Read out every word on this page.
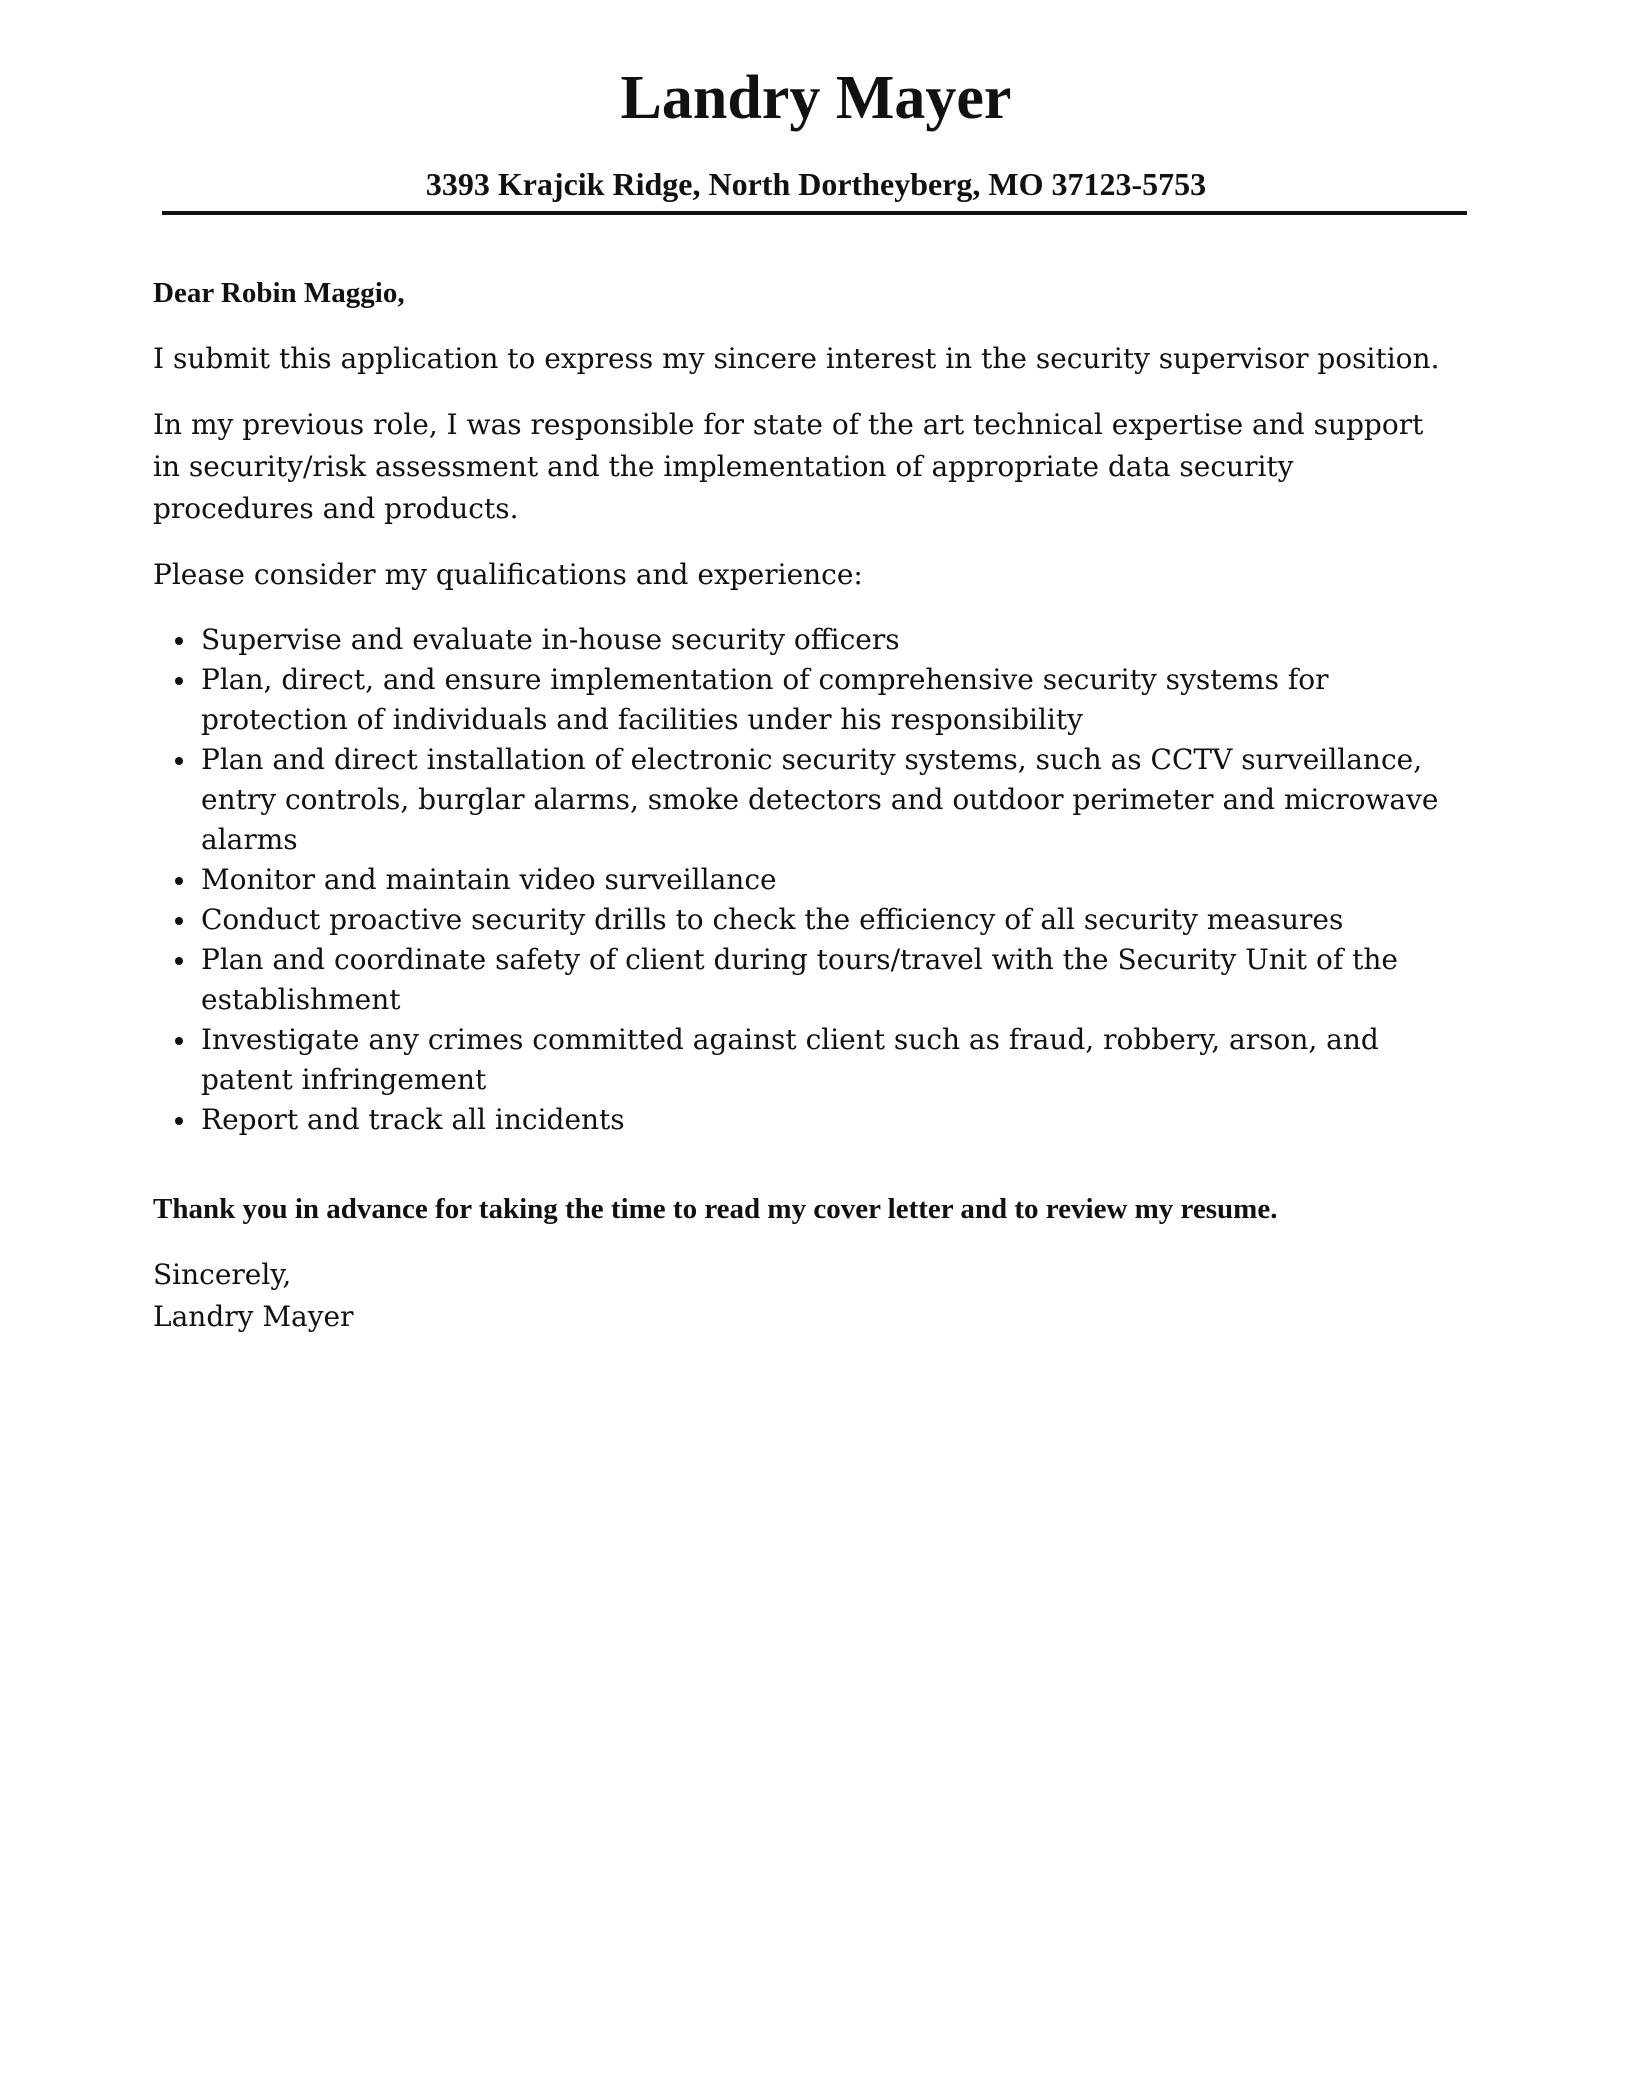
Landry Mayer
3393 Krajcik Ridge, North Dortheyberg, MO 37123-5753

Dear Robin Maggio,

I submit this application to express my sincere interest in the security supervisor position.

In my previous role, I was responsible for state of the art technical expertise and support in security/risk assessment and the implementation of appropriate data security procedures and products.

Please consider my qualifications and experience:

Supervise and evaluate in-house security officers
Plan, direct, and ensure implementation of comprehensive security systems for protection of individuals and facilities under his responsibility
Plan and direct installation of electronic security systems, such as CCTV surveillance, entry controls, burglar alarms, smoke detectors and outdoor perimeter and microwave alarms
Monitor and maintain video surveillance
Conduct proactive security drills to check the efficiency of all security measures
Plan and coordinate safety of client during tours/travel with the Security Unit of the establishment
Investigate any crimes committed against client such as fraud, robbery, arson, and patent infringement
Report and track all incidents

Thank you in advance for taking the time to read my cover letter and to review my resume.

Sincerely,

Landry Mayer
